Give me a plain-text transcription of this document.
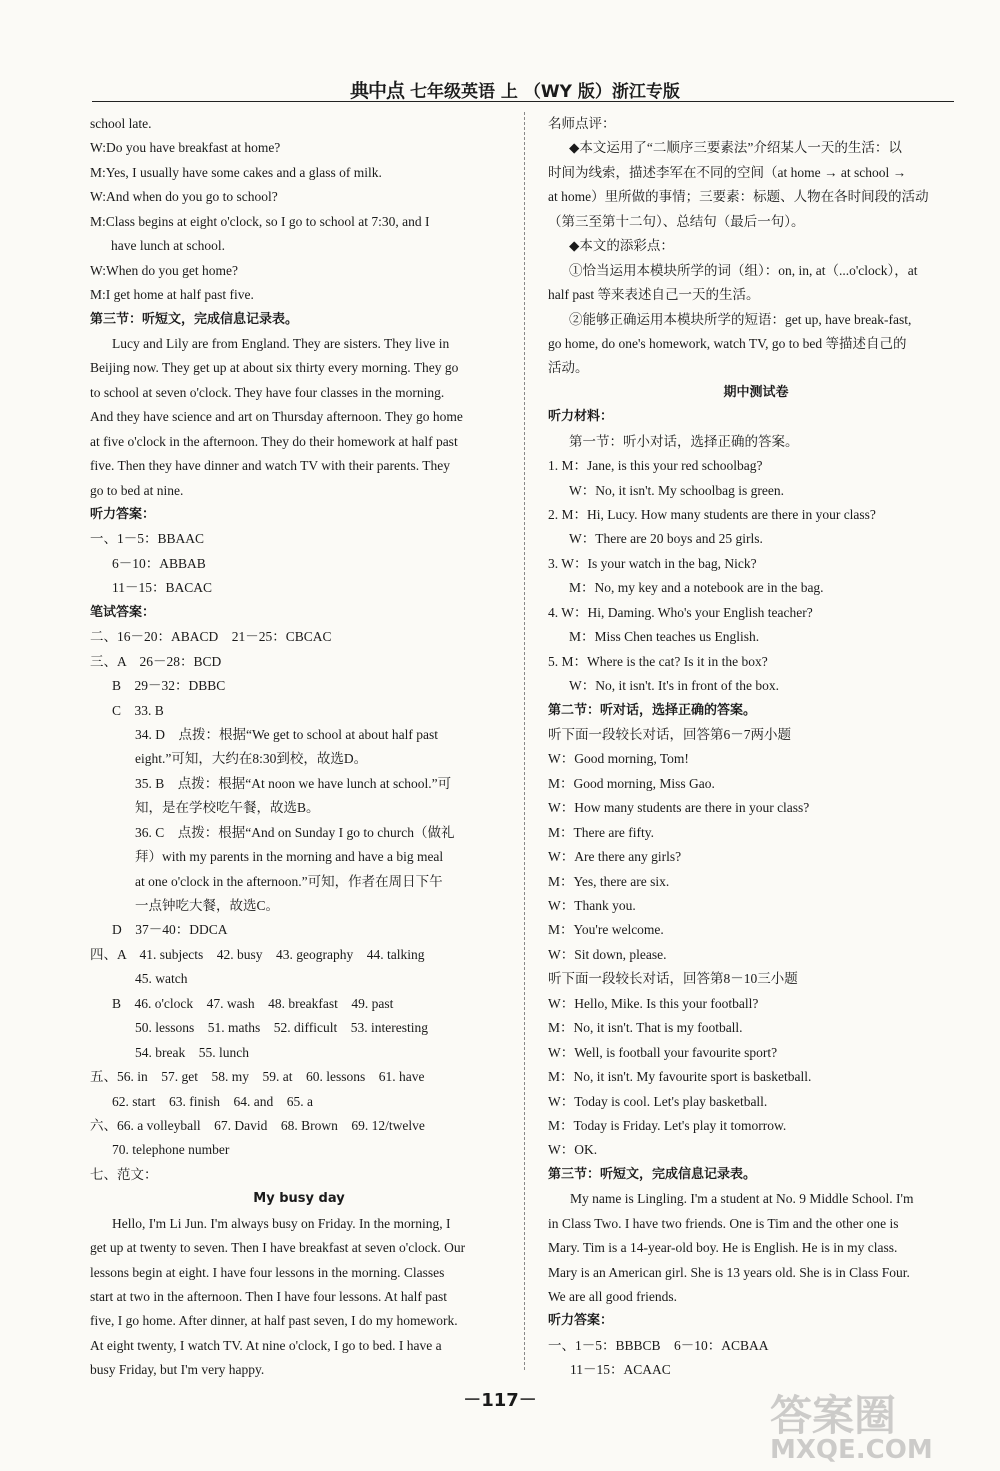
典中点 七年级英语 上 （WY 版）浙江专版
school late.
W:Do you have breakfast at home?
M:Yes, I usually have some cakes and a glass of milk.
W:And when do you go to school?
M:Class begins at eight o'clock, so I go to school at 7:30, and I
have lunch at school.
W:When do you get home?
M:I get home at half past five.
第三节：听短文，完成信息记录表。
Lucy and Lily are from England. They are sisters. They live in
Beijing now. They get up at about six thirty every morning. They go
to school at seven o'clock. They have four classes in the morning.
And they have science and art on Thursday afternoon. They go home
at five o'clock in the afternoon. They do their homework at half past
five. Then they have dinner and watch TV with their parents. They
go to bed at nine.
听力答案：
一、1－5：BBAAC
6－10：ABBAB
11－15：BACAC
笔试答案：
二、16－20：ABACD　21－25：CBCAC
三、A　26－28：BCD
B　29－32：DBBC
C　33. B
34. D　点拨：根据“We get to school at about half past
eight.”可知，大约在8:30到校，故选D。
35. B　点拨：根据“At noon we have lunch at school.”可
知，是在学校吃午餐，故选B。
36. C　点拨：根据“And on Sunday I go to church（做礼
拜）with my parents in the morning and have a big meal
at one o'clock in the afternoon.”可知，作者在周日下午
一点钟吃大餐，故选C。
D　37－40：DDCA
四、A　41. subjects　42. busy　43. geography　44. talking
45. watch
B　46. o'clock　47. wash　48. breakfast　49. past
50. lessons　51. maths　52. difficult　53. interesting
54. break　55. lunch
五、56. in　57. get　58. my　59. at　60. lessons　61. have
62. start　63. finish　64. and　65. a
六、66. a volleyball　67. David　68. Brown　69. 12/twelve
70. telephone number
七、范文：
My busy day
Hello, I'm Li Jun. I'm always busy on Friday. In the morning, I
get up at twenty to seven. Then I have breakfast at seven o'clock. Our
lessons begin at eight. I have four lessons in the morning. Classes
start at two in the afternoon. Then I have four lessons. At half past
five, I go home. After dinner, at half past seven, I do my homework.
At eight twenty, I watch TV. At nine o'clock, I go to bed. I have a
busy Friday, but I'm very happy.
名师点评：
◆本文运用了“二顺序三要素法”介绍某人一天的生活：以
时间为线索，描述李军在不同的空间（at home → at school →
at home）里所做的事情；三要素：标题、人物在各时间段的活动
（第三至第十二句）、总结句（最后一句）。
◆本文的添彩点：
①恰当运用本模块所学的词（组）：on, in, at（...o'clock），at
half past 等来表述自己一天的生活。
②能够正确运用本模块所学的短语：get up, have break-fast,
go home, do one's homework, watch TV, go to bed 等描述自己的
活动。
期中测试卷
听力材料：
第一节：听小对话，选择正确的答案。
1. M：Jane, is this your red schoolbag?
W：No, it isn't. My schoolbag is green.
2. M：Hi, Lucy. How many students are there in your class?
W：There are 20 boys and 25 girls.
3. W：Is your watch in the bag, Nick?
M：No, my key and a notebook are in the bag.
4. W：Hi, Daming. Who's your English teacher?
M：Miss Chen teaches us English.
5. M：Where is the cat? Is it in the box?
W：No, it isn't. It's in front of the box.
第二节：听对话，选择正确的答案。
听下面一段较长对话，回答第6－7两小题
W：Good morning, Tom!
M：Good morning, Miss Gao.
W：How many students are there in your class?
M：There are fifty.
W：Are there any girls?
M：Yes, there are six.
W：Thank you.
M：You're welcome.
W：Sit down, please.
听下面一段较长对话，回答第8－10三小题
W：Hello, Mike. Is this your football?
M：No, it isn't. That is my football.
W：Well, is football your favourite sport?
M：No, it isn't. My favourite sport is basketball.
W：Today is cool. Let's play basketball.
M：Today is Friday. Let's play it tomorrow.
W：OK.
第三节：听短文，完成信息记录表。
My name is Lingling. I'm a student at No. 9 Middle School. I'm
in Class Two. I have two friends. One is Tim and the other one is
Mary. Tim is a 14-year-old boy. He is English. He is in my class.
Mary is an American girl. She is 13 years old. She is in Class Four.
We are all good friends.
听力答案：
一、1－5：BBBCB　6－10：ACBAA
11－15：ACAAC
－117－	答案圈
MXQE.COM
